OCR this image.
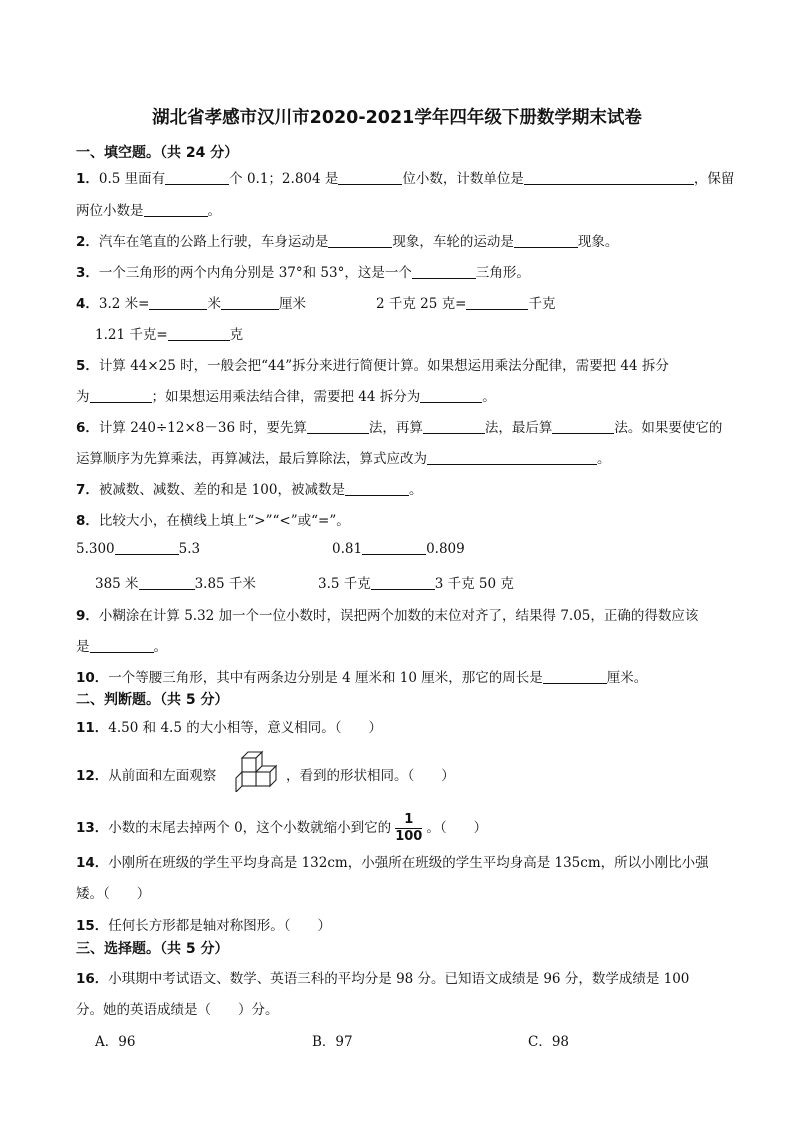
湖北省孝感市汉川市2020-2021学年四年级下册数学期末试卷
一、填空题。（共 24 分）
1．0.5 里面有	个 0.1；2.804 是	位小数，计数单位是	，保留
两位小数是	。
2．汽车在笔直的公路上行驶，车身运动是	现象，车轮的运动是	现象。
3．一个三角形的两个内角分别是 37°和 53°，这是一个	三角形。
4．3.2 米=	米	厘米	2 千克 25 克=	千克
1.21 千克=	克
5．计算 44×25 时，一般会把“44”拆分来进行简便计算。如果想运用乘法分配律，需要把 44 拆分
为	；如果想运用乘法结合律，需要把 44 拆分为	。
6．计算 240÷12×8－36 时，要先算	法，再算	法，最后算	法。如果要使它的
运算顺序为先算乘法，再算减法，最后算除法，算式应改为	。
7．被减数、减数、差的和是 100，被减数是	。
8．比较大小，在横线上填上“>”“<”或“=”。
5.300	5.3	0.81	0.809
385 米	3.85 千米	3.5 千克	3 千克 50 克
9．小糊涂在计算 5.32 加一个一位小数时，误把两个加数的末位对齐了，结果得 7.05，正确的得数应该
是	。
10．一个等腰三角形，其中有两条边分别是 4 厘米和 10 厘米，那它的周长是	厘米。
二、判断题。（共 5 分）
11．4.50 和 4.5 的大小相等，意义相同。（　　）
12．从前面和左面观察	，看到的形状相同。（　　）
13．小数的末尾去掉两个 0，这个小数就缩小到它的 $\frac{1}{100}$ 。（　　）
14．小刚所在班级的学生平均身高是 132cm，小强所在班级的学生平均身高是 135cm，所以小刚比小强
矮。（　　）
15．任何长方形都是轴对称图形。（　　）
三、选择题。（共 5 分）
16．小琪期中考试语文、数学、英语三科的平均分是 98 分。已知语文成绩是 96 分，数学成绩是 100
分。她的英语成绩是（　　）分。
A．96	B．97	C．98
